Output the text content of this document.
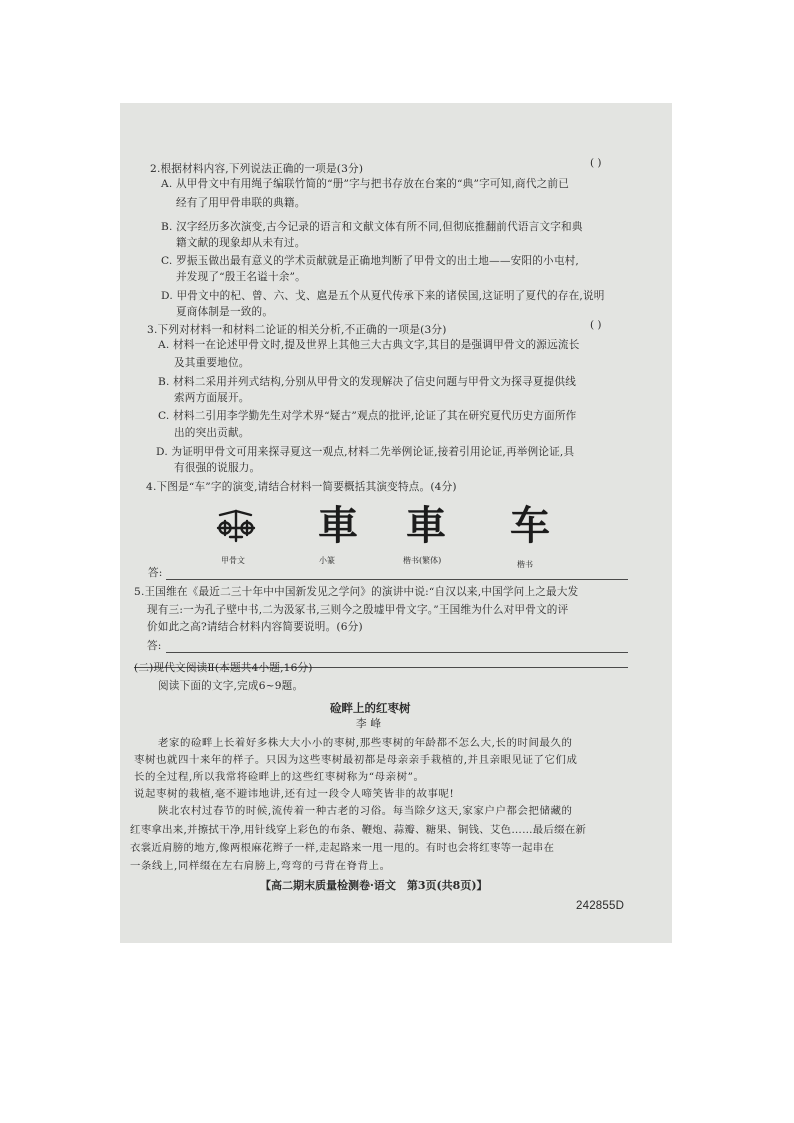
2.根据材料内容,下列说法正确的一项是(3分)	( )
A. 从甲骨文中有用绳子编联竹简的“册”字与把书存放在台案的“典”字可知,商代之前已
经有了用甲骨串联的典籍。
B. 汉字经历多次演变,古今记录的语言和文献文体有所不同,但彻底推翻前代语言文字和典
籍文献的现象却从未有过。
C. 罗振玉做出最有意义的学术贡献就是正确地判断了甲骨文的出土地——安阳的小屯村,
并发现了“殷王名谥十余”。
D. 甲骨文中的杞、曾、六、戈、扈是五个从夏代传承下来的诸侯国,这证明了夏代的存在,说明
夏商体制是一致的。
3.下列对材料一和材料二论证的相关分析,不正确的一项是(3分)	( )
A. 材料一在论述甲骨文时,提及世界上其他三大古典文字,其目的是强调甲骨文的源远流长
及其重要地位。
B. 材料二采用并列式结构,分别从甲骨文的发现解决了信史问题与甲骨文为探寻夏提供线
索两方面展开。
C. 材料二引用李学勤先生对学术界“疑古”观点的批评,论证了其在研究夏代历史方面所作
出的突出贡献。
D. 为证明甲骨文可用来探寻夏这一观点,材料二先举例论证,接着引用论证,再举例论证,具
有很强的说服力。
4.下图是“车”字的演变,请结合材料一简要概括其演变特点。(4分)
甲骨文
車
小篆
車
楷书(繁体)
车
楷书
答:
5.王国维在《最近二三十年中中国新发见之学问》的演讲中说:“自汉以来,中国学问上之最大发
现有三:一为孔子壁中书,二为汲冢书,三则今之殷墟甲骨文字。”王国维为什么对甲骨文的评
价如此之高?请结合材料内容简要说明。(6分)
答:
(二)现代文阅读Ⅱ(本题共4小题,16分)
阅读下面的文字,完成6~9题。
硷畔上的红枣树
李 峰
老家的硷畔上长着好多株大大小小的枣树,那些枣树的年龄都不怎么大,长的时间最久的
枣树也就四十来年的样子。只因为这些枣树最初都是母亲亲手栽植的,并且亲眼见证了它们成
长的全过程,所以我常将硷畔上的这些红枣树称为“母亲树”。
说起枣树的栽植,毫不避讳地讲,还有过一段令人啼笑皆非的故事呢!
陕北农村过春节的时候,流传着一种古老的习俗。每当除夕这天,家家户户都会把储藏的
红枣拿出来,并擦拭干净,用针线穿上彩色的布条、鞭炮、蒜瓣、糖果、铜钱、艾色……最后缀在新
衣裳近肩膀的地方,像两根麻花辫子一样,走起路来一甩一甩的。有时也会将红枣等一起串在
一条线上,同样缀在左右肩膀上,弯弯的弓背在脊背上。
【高二期末质量检测卷·语文　第3页(共8页)】
242855D
